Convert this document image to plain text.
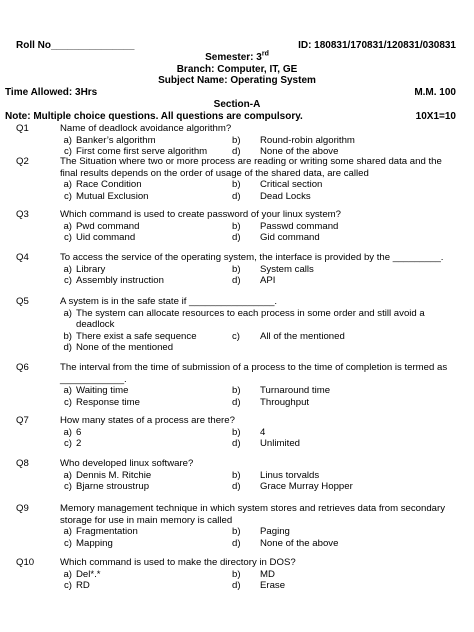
Roll No_______________	ID: 180831/170831/120831/030831
Semester: 3rd
Branch: Computer, IT, GE
Subject Name: Operating System
Time Allowed: 3Hrs	M.M. 100
Section-A
Note: Multiple choice questions. All questions are compulsory.	10X1=10
Q1	Name of deadlock avoidance algorithm?
a) Banker’s algorithm	b)	Round-robin algorithm
c) First come first serve algorithm	d)	None of the above
Q2	The Situation where two or more process are reading or writing some shared data and the final results depends on the order of usage of the shared data, are called
a) Race Condition	b)	Critical section
c) Mutual Exclusion	d)	Dead Locks
Q3	Which command is used to create password of your linux system?
a) Pwd command	b)	Passwd command
c) Uid command	d)	Gid command
Q4	To access the service of the operating system, the interface is provided by the _________.
a) Library	b)	System calls
c) Assembly instruction	d)	API
Q5	A system is in the safe state if ________________.
a) The system can allocate resources to each process in some order and still avoid a deadlock
b) There exist a safe sequence	c)	All of the mentioned
d) None of the mentioned
Q6	The interval from the time of submission of a process to the time of completion is termed as ____________.
a) Waiting time	b)	Turnaround time
c) Response time	d)	Throughput
Q7	How many states of a process are there?
a) 6	b)	4
c) 2	d)	Unlimited
Q8	Who developed linux software?
a) Dennis M. Ritchie	b)	Linus torvalds
c) Bjarne stroustrup	d)	Grace Murray Hopper
Q9	Memory management technique in which system stores and retrieves data from secondary storage for use in main memory is called
a) Fragmentation	b)	Paging
c) Mapping	d)	None of the above
Q10	Which command is used to make the directory in DOS?
a) Del*.*	b)	MD
c) RD	d)	Erase
